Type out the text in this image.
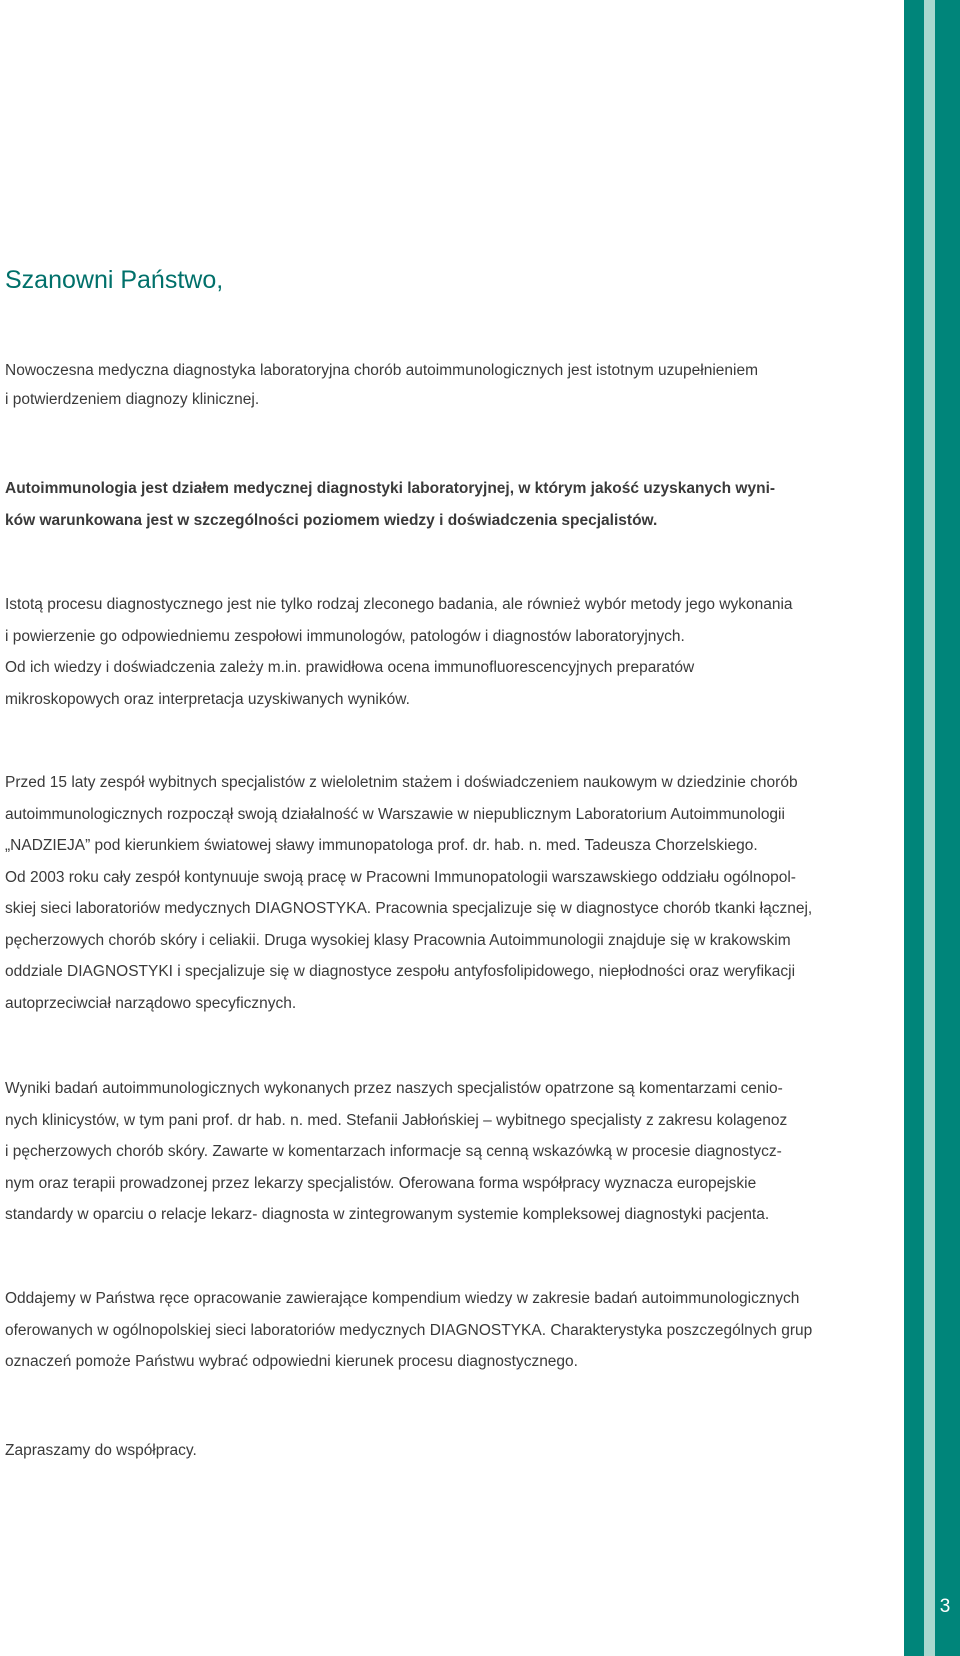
3
Szanowni Państwo,

Nowoczesna medyczna diagnostyka laboratoryjna chorób autoimmunologicznych jest istotnym uzupełnieniem
i potwierdzeniem diagnozy klinicznej.

Autoimmunologia jest działem medycznej diagnostyki laboratoryjnej, w którym jakość uzyskanych wyni-
ków warunkowana jest w szczególności poziomem wiedzy i doświadczenia specjalistów.

Istotą procesu diagnostycznego jest nie tylko rodzaj zleconego badania, ale również wybór metody jego wykonania
i powierzenie go odpowiedniemu zespołowi immunologów, patologów i diagnostów laboratoryjnych.
Od ich wiedzy i doświadczenia zależy m.in. prawidłowa ocena immunofluorescencyjnych preparatów
mikroskopowych oraz interpretacja uzyskiwanych wyników.

Przed 15 laty zespół wybitnych specjalistów z wieloletnim stażem i doświadczeniem naukowym w dziedzinie chorób
autoimmunologicznych rozpoczął swoją działalność w Warszawie w niepublicznym Laboratorium Autoimmunologii
„NADZIEJA” pod kierunkiem światowej sławy immunopatologa prof. dr. hab. n. med. Tadeusza Chorzelskiego.
Od 2003 roku cały zespół kontynuuje swoją pracę w Pracowni Immunopatologii warszawskiego oddziału ogólnopol-
skiej sieci laboratoriów medycznych DIAGNOSTYKA. Pracownia specjalizuje się w diagnostyce chorób tkanki łącznej,
pęcherzowych chorób skóry i celiakii. Druga wysokiej klasy Pracownia Autoimmunologii znajduje się w krakowskim
oddziale DIAGNOSTYKI i specjalizuje się w diagnostyce zespołu antyfosfolipidowego, niepłodności oraz weryfikacji
autoprzeciwciał narządowo specyficznych.

Wyniki badań autoimmunologicznych wykonanych przez naszych specjalistów opatrzone są komentarzami cenio-
nych klinicystów, w tym pani prof. dr hab. n. med. Stefanii Jabłońskiej – wybitnego specjalisty z zakresu kolagenoz
i pęcherzowych chorób skóry. Zawarte w komentarzach informacje są cenną wskazówką w procesie diagnostycz-
nym oraz terapii prowadzonej przez lekarzy specjalistów. Oferowana forma współpracy wyznacza europejskie
standardy w oparciu o relacje lekarz- diagnosta w zintegrowanym systemie kompleksowej diagnostyki pacjenta.

Oddajemy w Państwa ręce opracowanie zawierające kompendium wiedzy w zakresie badań autoimmunologicznych
oferowanych w ogólnopolskiej sieci laboratoriów medycznych DIAGNOSTYKA. Charakterystyka poszczególnych grup
oznaczeń pomoże Państwu wybrać odpowiedni kierunek procesu diagnostycznego.

Zapraszamy do współpracy.
